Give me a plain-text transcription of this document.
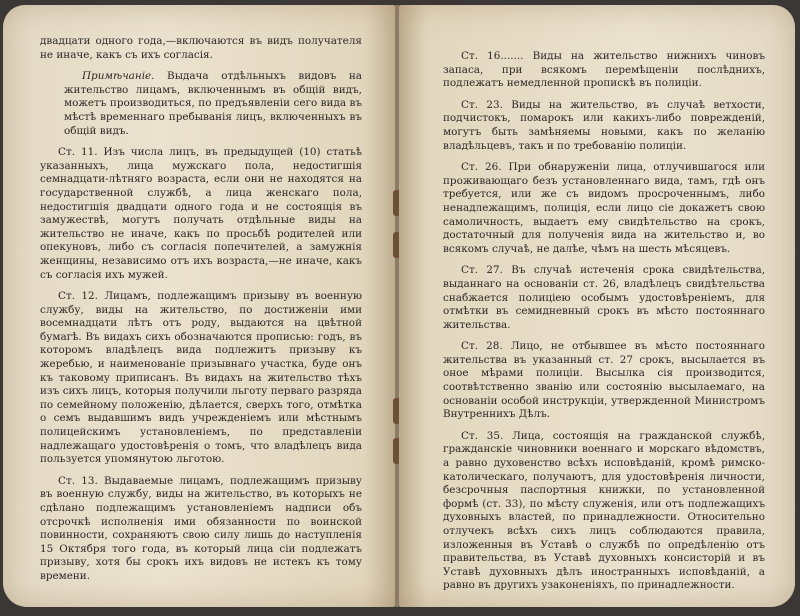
двадцати одного года,—включаются въ видъ получателя не иначе, какъ съ ихъ согласія.

Примѣчаніе. Выдача отдѣльныхъ видовъ на жительство лицамъ, включеннымъ въ общій видъ, можетъ производиться, по предъявленіи сего вида въ мѣстѣ временнаго пребыванія лицъ, включенныхъ въ общій видъ.

Ст. 11. Изъ числа лицъ, въ предыдущей (10) статьѣ указанныхъ, лица мужскаго пола, недостигшія семнадцати-лѣтняго возраста, если они не находятся на государственной службѣ, а лица женскаго пола, недостигшія двадцати одного года и не состоящія въ замужествѣ, могутъ получать отдѣльные виды на жительство не иначе, какъ по просьбѣ родителей или опекуновъ, либо съ согласія попечителей, а замужнія женщины, независимо отъ ихъ возраста,—не иначе, какъ съ согласія ихъ мужей.

Ст. 12. Лицамъ, подлежащимъ призыву въ военную службу, виды на жительство, по достиженіи ими восемнадцати лѣтъ отъ роду, выдаются на цвѣтной бумагѣ. Въ видахъ сихъ обозначаются прописью: годъ, въ которомъ владѣлецъ вида подлежитъ призыву къ жеребью, и наименованіе призывнаго участка, буде онъ къ таковому приписанъ. Въ видахъ на жительство тѣхъ изъ сихъ лицъ, которыя получили льготу перваго разряда по семейному положенію, дѣлается, сверхъ того, отмѣтка о семъ выдавшимъ видъ учрежденіемъ или мѣстнымъ полицейскимъ установленіемъ, по представленіи надлежащаго удостовѣренія о томъ, что владѣлецъ вида пользуется упомянутою льготою.

Ст. 13. Выдаваемые лицамъ, подлежащимъ призыву въ военную службу, виды на жительство, въ которыхъ не сдѣлано подлежащимъ установленіемъ надписи объ отсрочкѣ исполненія ими обязанности по воинской повинности, сохраняютъ свою силу лишь до наступленія 15 Октября того года, въ который лица сіи подлежатъ призыву, хотя бы срокъ ихъ видовъ не истекъ къ тому времени.

Ст. 16....... Виды на жительство нижнихъ чиновъ запаса, при всякомъ перемѣщеніи послѣднихъ, подлежатъ немедленной пропискѣ въ полиціи.

Ст. 23. Виды на жительство, въ случаѣ ветхости, подчистокъ, помарокъ или какихъ-либо поврежденій, могутъ быть замѣняемы новыми, какъ по желанію владѣльцевъ, такъ и по требованію полиціи.

Ст. 26. При обнаруженіи лица, отлучившагося или проживающаго безъ установленнаго вида, тамъ, гдѣ онъ требуется, или же съ видомъ просроченнымъ, либо ненадлежащимъ, полиція, если лицо сіе докажетъ свою самоличность, выдаетъ ему свидѣтельство на срокъ, достаточный для полученія вида на жительство и, во всякомъ случаѣ, не далѣе, чѣмъ на шесть мѣсяцевъ.

Ст. 27. Въ случаѣ истеченія срока свидѣтельства, выданнаго на основаніи ст. 26, владѣлецъ свидѣтельства снабжается полиціею особымъ удостовѣреніемъ, для отмѣтки въ семидневный срокъ въ мѣсто постояннаго жительства.

Ст. 28. Лицо, не отбывшее въ мѣсто постояннаго жительства въ указанный ст. 27 срокъ, высылается въ оное мѣрами полиціи. Высылка сія производится, соотвѣтственно званію или состоянію высылаемаго, на основаніи особой инструкціи, утвержденной Министромъ Внутреннихъ Дѣлъ.

Ст. 35. Лица, состоящія на гражданской службѣ, гражданскіе чиновники военнаго и морскаго вѣдомствъ, а равно духовенство всѣхъ исповѣданій, кромѣ римско-католическаго, получаютъ, для удостовѣренія личности, безсрочныя паспортныя книжки, по установленной формѣ (ст. 33), по мѣсту служенія, или отъ подлежащихъ духовныхъ властей, по принадлежности. Относительно отлучекъ всѣхъ сихъ лицъ соблюдаются правила, изложенныя въ Уставѣ о службѣ по опредѣленію отъ правительства, въ Уставѣ духовныхъ консисторій и въ Уставѣ духовныхъ дѣлъ иностранныхъ исповѣданій, а равно въ другихъ узаконеніяхъ, по принадлежности.
